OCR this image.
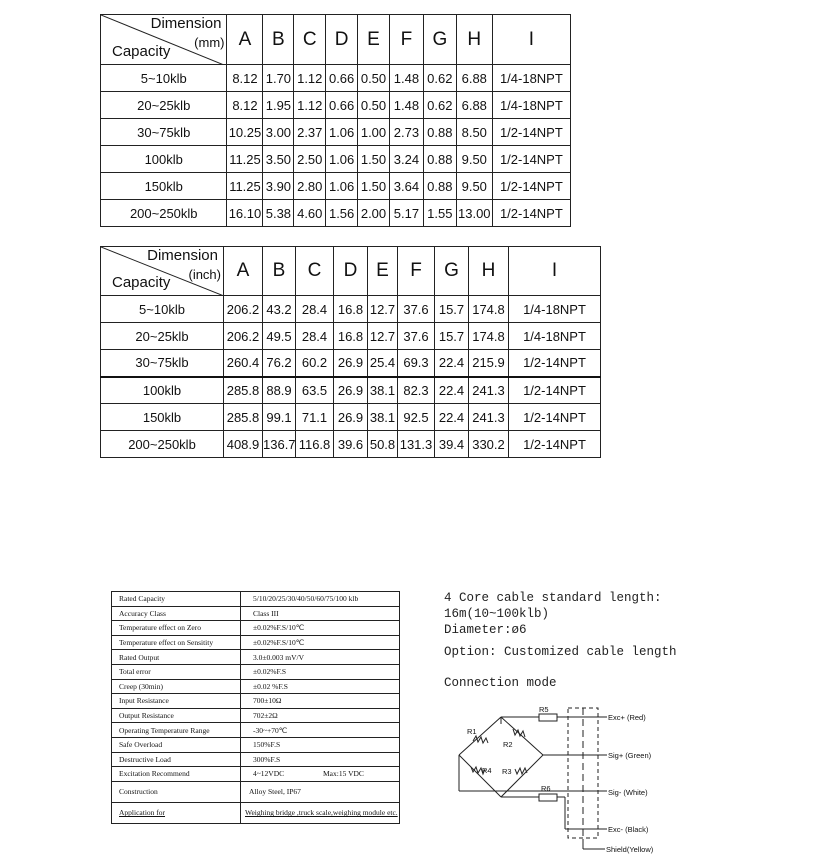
Dimension
(mm)
Capacity	A	B	C	D	E	F	G	H	I
5~10klb	8.12	1.70	1.12	0.66	0.50	1.48	0.62	6.88	1/4-18NPT
20~25klb	8.12	1.95	1.12	0.66	0.50	1.48	0.62	6.88	1/4-18NPT
30~75klb	10.25	3.00	2.37	1.06	1.00	2.73	0.88	8.50	1/2-14NPT
100klb	11.25	3.50	2.50	1.06	1.50	3.24	0.88	9.50	1/2-14NPT
150klb	11.25	3.90	2.80	1.06	1.50	3.64	0.88	9.50	1/2-14NPT
200~250klb	16.10	5.38	4.60	1.56	2.00	5.17	1.55	13.00	1/2-14NPT
Dimension
(inch)
Capacity	A	B	C	D	E	F	G	H	I
5~10klb	206.2	43.2	28.4	16.8	12.7	37.6	15.7	174.8	1/4-18NPT
20~25klb	206.2	49.5	28.4	16.8	12.7	37.6	15.7	174.8	1/4-18NPT
30~75klb	260.4	76.2	60.2	26.9	25.4	69.3	22.4	215.9	1/2-14NPT
100klb	285.8	88.9	63.5	26.9	38.1	82.3	22.4	241.3	1/2-14NPT
150klb	285.8	99.1	71.1	26.9	38.1	92.5	22.4	241.3	1/2-14NPT
200~250klb	408.9	136.7	116.8	39.6	50.8	131.3	39.4	330.2	1/2-14NPT
Rated Capacity	5/10/20/25/30/40/50/60/75/100 klb
Accuracy Class	Class III
Temperature effect on Zero	±0.02%F.S/10℃
Temperature effect on Sensitity	±0.02%F.S/10℃
Rated Output	3.0±0.003 mV/V
Total error	±0.02%F.S
Creep (30min)	±0.02 %F.S
Input Resistance	700±10Ω
Output Resistance	702±2Ω
Operating Temperature Range	-30~+70℃
Safe Overload	150%F.S
Destructive Load	300%F.S
Excitation Recommend	4~12VDC Max:15 VDC
Construction	Alloy Steel, IP67
Application for	Weighing bridge ,truck scale,weighing module etc.
4 Core cable standard length:
16m(10~100klb)
Diameter:ø6
Option: Customized cable length
Connection mode
R5
R1
R2
R3
R4
R6
Exc+ (Red)
Sig+ (Green)
Sig- (White)
Exc- (Black)
Shield(Yellow)
